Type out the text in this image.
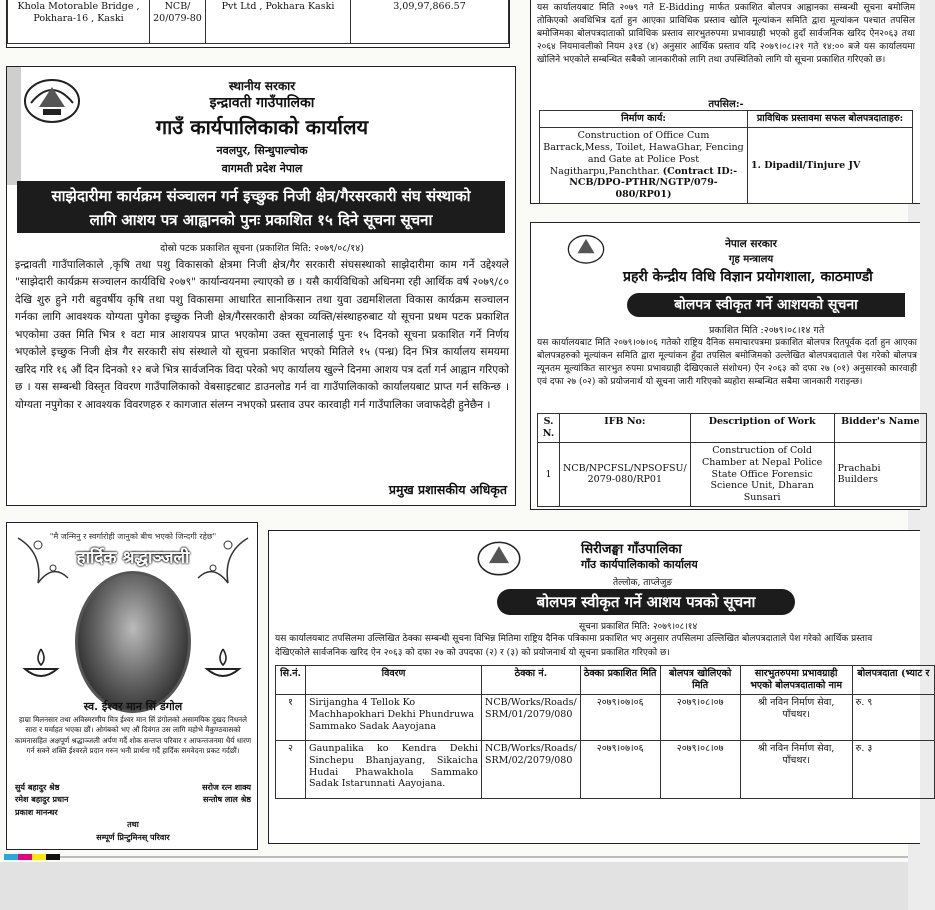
Khola Motorable Bridge , Pokhara-16 , Kaski	NCB/ 20/079-80	Pvt Ltd , Pokhara Kaski	3,09,97,866.57
स्थानीय सरकार
इन्द्रावती गाउँपालिका
गाउँ कार्यपालिकाको कार्यालय
नवलपुर, सिन्धुपाल्चोक
वागमती प्रदेश नेपाल
साझेदारीमा कार्यक्रम संञ्चालन गर्न इच्छुक निजी क्षेत्र/गैरसरकारी संघ संस्थाको
लागि आशय पत्र आह्वानको पुनः प्रकाशित १५ दिने सूचना सूचना
दोस्रो पटक प्रकाशित सूचना (प्रकाशित मिति: २०७९/०८/१४)
इन्द्रावती गाउँपालिकाले ,कृषि तथा पशु विकासको क्षेत्रमा निजी क्षेत्र/गैर सरकारी संघसस्थाको साझेदारीमा काम गर्ने उद्देश्यले "साझेदारी कार्यक्रम सञ्चालन कार्यविधि २०७९" कार्यान्वयनमा ल्याएको छ । यसै कार्यविधिको अधिनमा रही आर्थिक वर्ष २०७९/८० देखि शुरु हुने गरी बहुवर्षीय कृषि तथा पशु विकासमा आधारित सानाकिसान तथा युवा उद्यमशिलता विकास कार्यक्रम सञ्चालन गर्नका लागि आवश्यक योग्यता पुगेका इच्छुक निजी क्षेत्र/गैरसरकारी क्षेत्रका व्यक्ति/संस्थाहरुबाट यो सूचना प्रथम पटक प्रकाशित भएकोमा उक्त मिति भित्र १ वटा मात्र आशयपत्र प्राप्त भएकोमा उक्त सूचनालाई पुनः १५ दिनको सूचना प्रकाशित गर्ने निर्णय भएकोले इच्छुक निजी क्षेत्र गैर सरकारी संघ संस्थाले यो सूचना प्रकाशित भएको मितिले १५ (पन्ध्र) दिन भित्र कार्यालय समयमा खरिद गरि १६ औं दिन दिनको १२ बजे भित्र सार्वजनिक विदा परेको भए कार्यालय खुल्ने दिनमा आशय पत्र दर्ता गर्न आह्वान गरिएको छ । यस सम्बन्धी विस्तृत विवरण गाउँपालिकाको वेबसाइटबाट डाउनलोड गर्न वा गाउँपालिकाको कार्यालयबाट प्राप्त गर्न सकिन्छ । योग्यता नपुगेका र आवश्यक विवरणहरु र कागजात संलग्न नभएको प्रस्ताव उपर कारवाही गर्न गाउँपालिका जवाफदेही हुनेछैन ।
प्रमुख प्रशासकीय अधिकृत
यस कार्यालयबाट मिति २०७९ गते E-Bidding मार्फत प्रकाशित बोलपत्र आह्वानका सम्बन्धी सूचना बमोजिम तोकिएको अवधिभित्र दर्ता हुन आएका प्राविधिक प्रस्ताव खोलि मूल्यांकन समिति द्वारा मूल्यांकन पश्चात तपसिल बमोजिमका बोलपत्रदाताको प्राविधिक प्रस्ताव सारभुतरुपमा प्रभावग्राही भएको हुदाँ सार्वजनिक खरिद ऐन२०६३ तथा २०६४ नियमावलीको नियम ३१ड (४) अनुसार आर्थिक प्रस्ताव यदि २०७९।०८।२१ गते १४:०० बजे यस कार्यालयमा खोलिने भएकोले सम्बन्धित सबैको जानकारीको लागि तथा उपस्थितिको लागि यो सूचना प्रकाशित गरिएको छ।
तपसिल:-
निर्माण कार्य:	प्राविधिक प्रस्तावमा सफल बोलपत्रदाताहरु:
Construction of Office Cum Barrack,Mess, Toilet, HawaGhar, Fencing and Gate at Police Post Nagitharpu,Panchthar. (Contract ID:-NCB/DPO-PTHR/NGTP/079-080/RP01)	1. Dipadil/Tinjure JV
नेपाल सरकार
गृह मन्त्रालय
प्रहरी केन्द्रीय विधि विज्ञान प्रयोगशाला, काठमाण्डौ
बोलपत्र स्वीकृत गर्ने आशयको सूचना
प्रकाशित मिति :२०७९।०८।१४ गते
यस कार्यालयबाट मिति २०७९।०७।०६ गतेको राष्ट्रिय दैनिक समाचारपत्रमा प्रकाशित बोलपत्र रितपूर्वक दर्ता हुन आएका बोलपत्रहरुको मूल्यांकन समिति द्वारा मूल्यांकन हुँदा तपसिल बमोजिमको उल्लेखित बोलपत्रदाताले पेश गरेको बोलपत्र न्यूनतम मूल्यांकित सारभुत रुपमा प्रभावग्राही देखिएकाले संशोधन) ऐन २०६३ को दफा २७ (०१) अनुसारको कारवाही एवं दफा २७ (०२) को प्रयोजनार्थ यो सूचना जारी गरिएको ब्यहोरा सम्बन्धित सबैमा जानकारी गराइन्छ।
S. N.	IFB No:	Description of Work	Bidder's Name
1	NCB/NPCFSL/NPSOFSU/ 2079-080/RP01	Construction of Cold Chamber at Nepal Police State Office Forensic Science Unit, Dharan Sunsari	Prachabi Builders
"मै जन्मिनु र स्वर्गारोही जानुको बीच भएको जिन्दगी रहेछ"
हार्दिक श्रद्धाञ्जली
स्व. ईश्वर मान सिं डंगोल
हाम्रा मिलनसार तथा अविस्मरणीय मित्र ईश्वर मान सिं डंगोलको असामयिक दुखद निधनले सारा र मर्माहत भएका छौं। ओगंबको भए औं दिवंगत उस लागि महोभे मैकुण्ठवासको कामनासहित अक्षपूर्ण श्रद्धाञ्जली अर्पण गर्दै शोक सन्तप्त परिवार र आफन्तजनमा धैर्य धारण गर्न सक्ने शक्ति ईश्वरले प्रदान गरुन भनी प्रार्थना गर्दै हार्दिक समवेदना प्रकट गर्दछौं।
सुर्य बहादुर श्रेष्ठ	सरोज रत्न शाक्य
रमेश बहादुर प्रधान	सन्तोष लाल श्रेष्ठ
प्रकाश मानन्धर
तथा
सम्पूर्ण प्रिन्टुमिनस् परिवार
सिरीजङ्घा गाँउपालिका
गाँउ कार्यपालिकाको कार्यालय
तेल्लोक, ताप्लेजुङ
बोलपत्र स्वीकृत गर्ने आशय पत्रको सूचना
सूचना प्रकाशित मिति: २०७९।०८।१४
यस कार्यालयबाट तपसिलमा उल्लिखित ठेक्का सम्बन्धी सूचना विभिन्न मितिमा राष्ट्रिय दैनिक पत्रिकामा प्रकाशित भए अनुसार तपसिलमा उल्लिखित बोलपत्रदाताले पेश गरेको आर्थिक प्रस्ताव
देखिएकोले सार्वजनिक खरिद ऐन २०६३ को दफा २७ को उपदफा (२) र (३) को प्रयोजनार्थ यो सूचना प्रकाशित गरिएको छ।
सि.नं.	विवरण	ठेक्का नं.	ठेक्का प्रकाशित मिति	बोलपत्र खोलिएको मिति	सारभुतरुपमा प्रभावग्राही भएको बोलपत्रदाताको नाम	बोलपत्रदाता (भ्याट र
१	Sirijangha 4 Tellok Ko Machhapokhari Dekhi Phundruwa Sammako Sadak Aayojana	NCB/Works/Roads/ SRM/01/2079/080	२०७९।०७।०६	२०७९।०८।०७	श्री नविन निर्माण सेवा, पाँचथर।	रु. ९
२	Gaunpalika ko Kendra Dekhi Sinchepu Bhanjayang, Sikaicha Hudai Phawakhola Sammako Sadak Istarunnati Aayojana.	NCB/Works/Roads/ SRM/02/2079/080	२०७९।०७।०६	२०७९।०८।०७	श्री नविन निर्माण सेवा, पाँचथर।	रु. ३
